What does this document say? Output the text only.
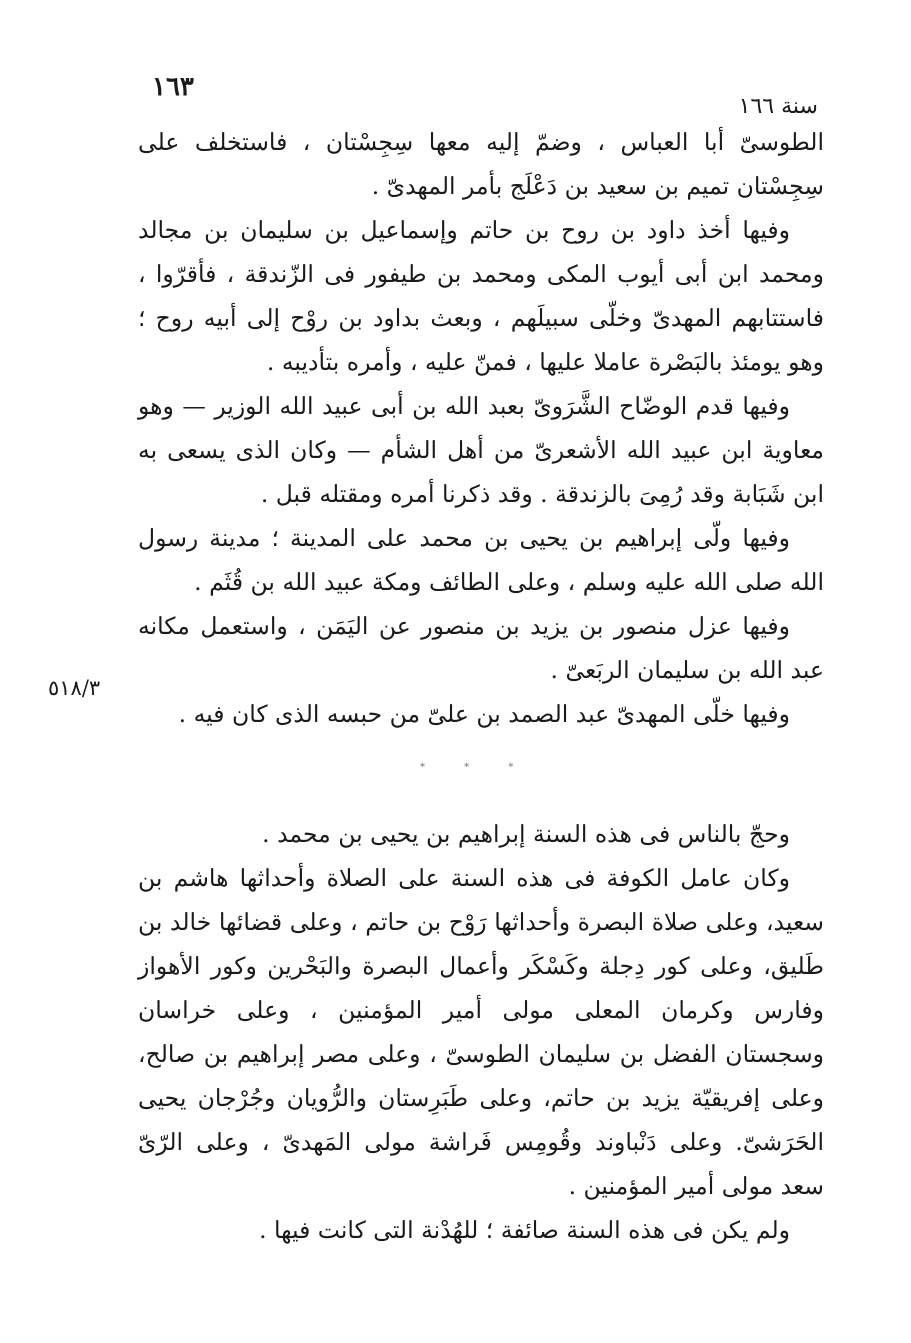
١٦٣
سنة ١٦٦

الطوسىّ أبا العباس ، وضمّ إليه معها سِجِسْتان ، فاستخلف على سِجِسْتان تميم بن سعيد بن دَعْلَج بأمر المهدىّ .

وفيها أخذ داود بن روح بن حاتم وإسماعيل بن سليمان بن مجالد ومحمد ابن أبى أيوب المكى ومحمد بن طيفور فى الزّندقة ، فأقرّوا ، فاستتابهم المهدىّ وخلّى سبيلَهم ، وبعث بداود بن روْح إلى أبيه روح ؛ وهو يومئذ بالبَصْرة عاملا عليها ، فمنّ عليه ، وأمره بتأديبه .

وفيها قدم الوضّاح الشَّرَوىّ بعبد الله بن أبى عبيد الله الوزير — وهو معاوية ابن عبيد الله الأشعرىّ من أهل الشأم — وكان الذى يسعى به ابن شَبَابة وقد رُمِىَ بالزندقة . وقد ذكرنا أمره ومقتله قبل .

وفيها ولّى إبراهيم بن يحيى بن محمد على المدينة ؛ مدينة رسول الله صلى الله عليه وسلم ، وعلى الطائف ومكة عبيد الله بن قُثَم .

وفيها عزل منصور بن يزيد بن منصور عن اليَمَن ، واستعمل مكانه عبد الله بن سليمان الربَعىّ .

وفيها خلّى المهدىّ عبد الصمد بن علىّ من حبسه الذى كان فيه .

٥١٨/٣
* * *

وحجّ بالناس فى هذه السنة إبراهيم بن يحيى بن محمد .

وكان عامل الكوفة فى هذه السنة على الصلاة وأحداثها هاشم بن سعيد، وعلى صلاة البصرة وأحداثها رَوْح بن حاتم ، وعلى قضائها خالد بن طَليق، وعلى كور دِجلة وكَسْكَر وأعمال البصرة والبَحْرين وكور الأهواز وفارس وكرمان المعلى مولى أمير المؤمنين ، وعلى خراسان وسجستان الفضل بن سليمان الطوسىّ ، وعلى مصر إبراهيم بن صالح، وعلى إفريقيّة يزيد بن حاتم، وعلى طَبَرِستان والرُّويان وجُرْجان يحيى الحَرَشىّ. وعلى دَنْباوند وقُومِس فَراشة مولى المَهدىّ ، وعلى الرّىّ سعد مولى أمير المؤمنين .

ولم يكن فى هذه السنة صائفة ؛ للهُدْنة التى كانت فيها .
